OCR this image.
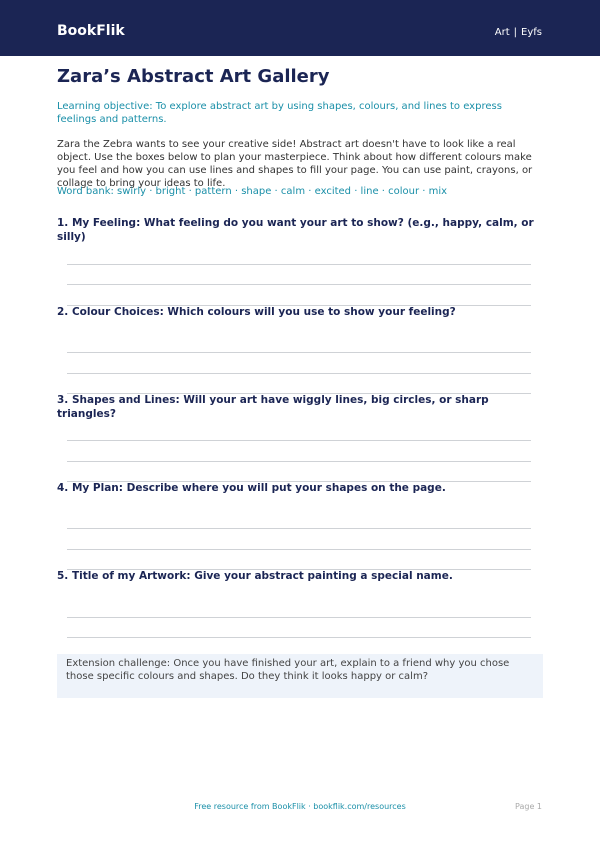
BookFlik	Art | Eyfs
Zara’s Abstract Art Gallery
Learning objective: To explore abstract art by using shapes, colours, and lines to express feelings and patterns.
Zara the Zebra wants to see your creative side! Abstract art doesn't have to look like a real object. Use the boxes below to plan your masterpiece. Think about how different colours make you feel and how you can use lines and shapes to fill your page. You can use paint, crayons, or collage to bring your ideas to life.
Word bank: swirly · bright · pattern · shape · calm · excited · line · colour · mix
1. My Feeling: What feeling do you want your art to show? (e.g., happy, calm, or silly)
2. Colour Choices: Which colours will you use to show your feeling?
3. Shapes and Lines: Will your art have wiggly lines, big circles, or sharp triangles?
4. My Plan: Describe where you will put your shapes on the page.
5. Title of my Artwork: Give your abstract painting a special name.
Extension challenge: Once you have finished your art, explain to a friend why you chose those specific colours and shapes. Do they think it looks happy or calm?
Free resource from BookFlik · bookflik.com/resources	Page 1
